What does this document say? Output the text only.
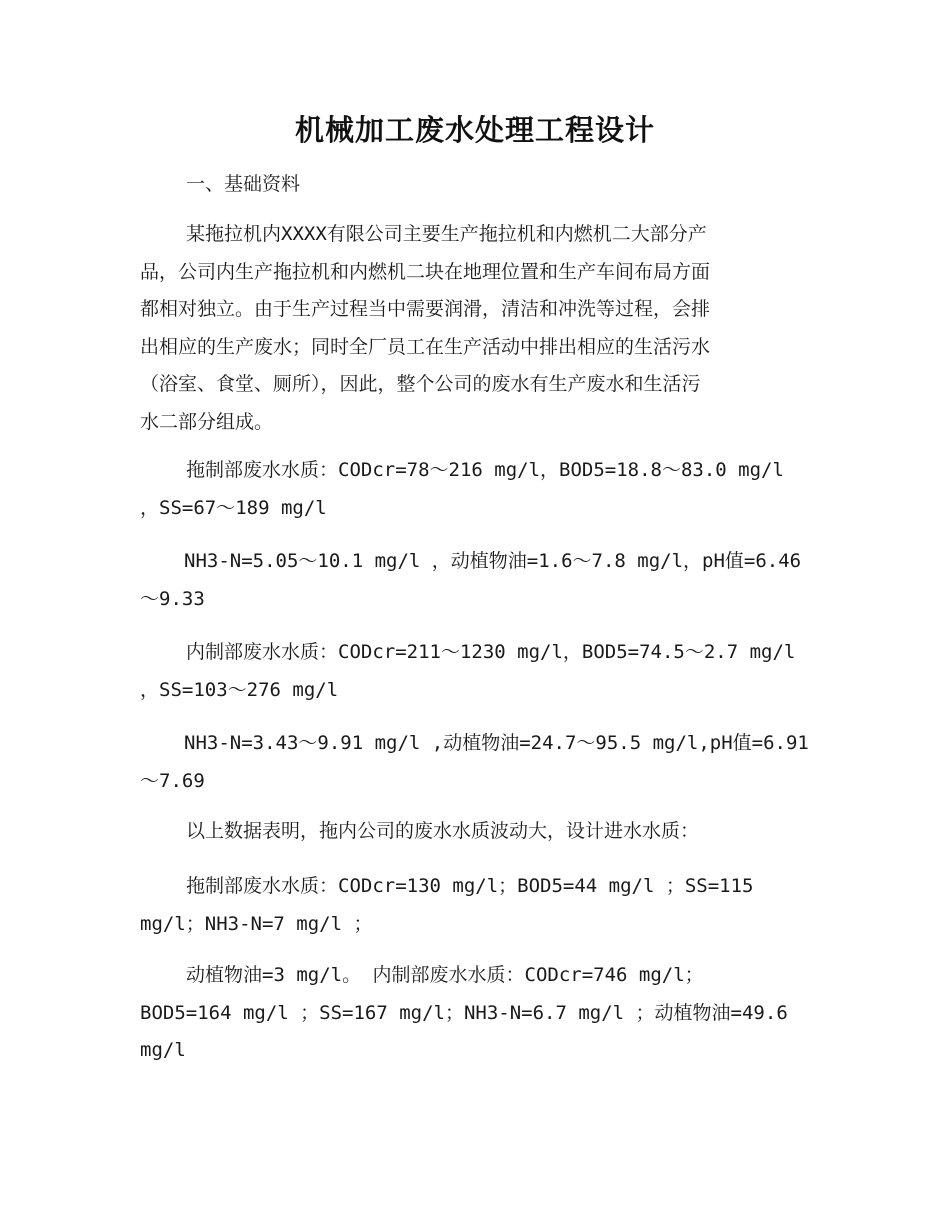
机械加工废水处理工程设计
一、基础资料
某拖拉机内XXXX有限公司主要生产拖拉机和内燃机二大部分产
品，公司内生产拖拉机和内燃机二块在地理位置和生产车间布局方面
都相对独立。由于生产过程当中需要润滑，清洁和冲洗等过程，会排
出相应的生产废水；同时全厂员工在生产活动中排出相应的生活污水
（浴室、食堂、厕所），因此，整个公司的废水有生产废水和生活污
水二部分组成。
拖制部废水水质：CODcr=78～216 mg/l，BOD5=18.8～83.0 mg/l
，SS=67～189 mg/l
NH3-N=5.05～10.1 mg/l ，动植物油=1.6～7.8 mg/l，pH值=6.46
～9.33
内制部废水水质：CODcr=211～1230 mg/l，BOD5=74.5～2.7 mg/l
，SS=103～276 mg/l
NH3-N=3.43～9.91 mg/l ,动植物油=24.7～95.5 mg/l,pH值=6.91
～7.69
以上数据表明，拖内公司的废水水质波动大，设计进水水质：
拖制部废水水质：CODcr=130 mg/l；BOD5=44 mg/l ；SS=115
mg/l；NH3-N=7 mg/l ；
动植物油=3 mg/l。 内制部废水水质：CODcr=746 mg/l；
BOD5=164 mg/l ；SS=167 mg/l；NH3-N=6.7 mg/l ；动植物油=49.6
mg/l
